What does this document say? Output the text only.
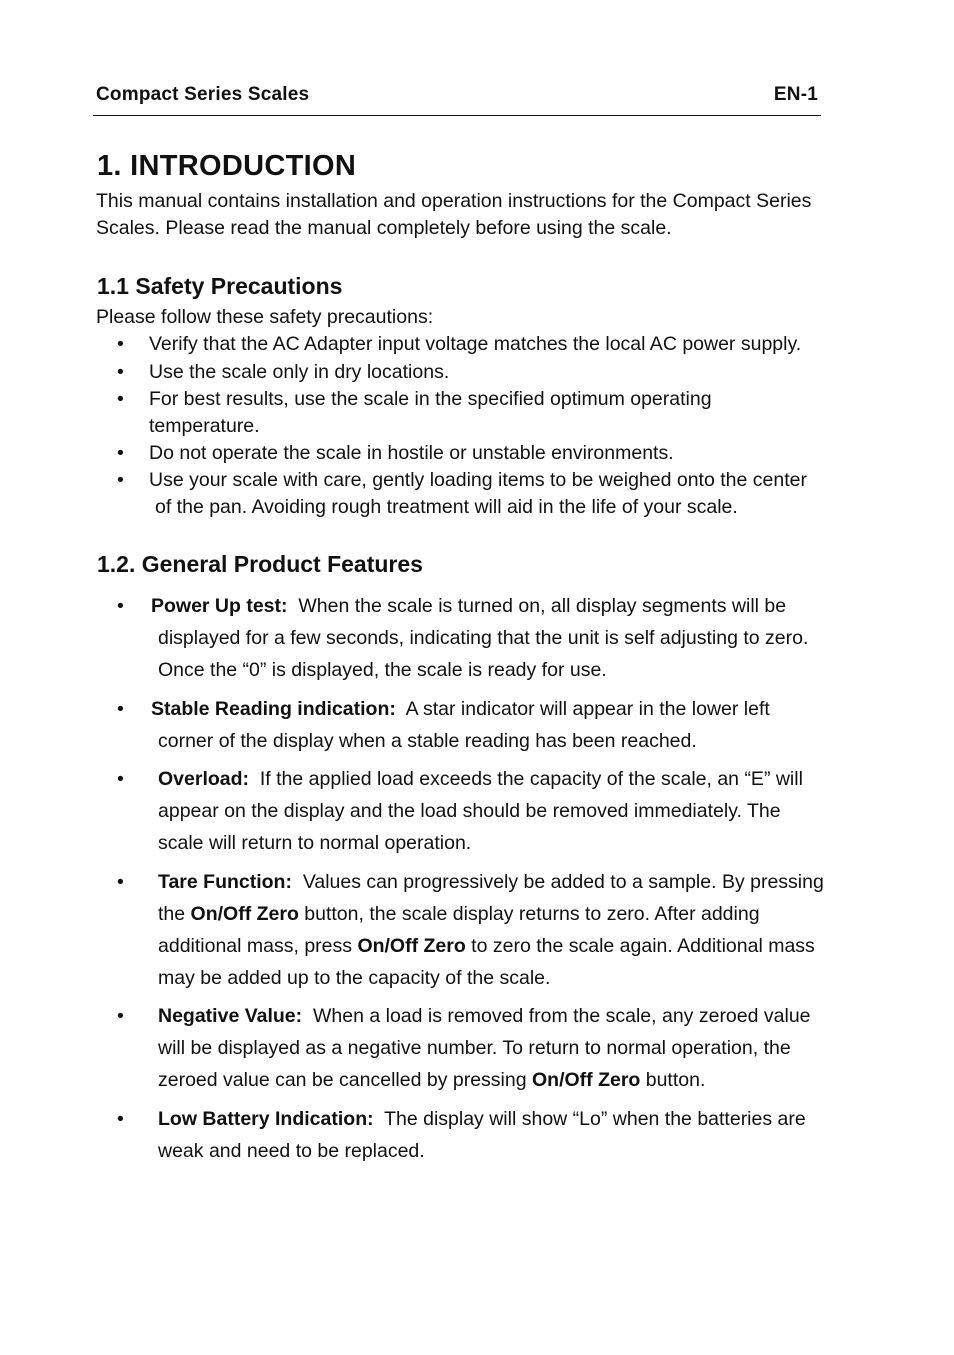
Compact Series Scales	EN-1
1. INTRODUCTION

This manual contains installation and operation instructions for the Compact Series
Scales. Please read the manual completely before using the scale.

1.1 Safety Precautions

Please follow these safety precautions:

• Verify that the AC Adapter input voltage matches the local AC power supply.
• Use the scale only in dry locations.
• For best results, use the scale in the specified optimum operating
temperature.
• Do not operate the scale in hostile or unstable environments.
• Use your scale with care, gently loading items to be weighed onto the center
of the pan. Avoiding rough treatment will aid in the life of your scale.
1.2. General Product Features
• Power Up test: When the scale is turned on, all display segments will be
displayed for a few seconds, indicating that the unit is self adjusting to zero.
Once the “0” is displayed, the scale is ready for use.
• Stable Reading indication: A star indicator will appear in the lower left
corner of the display when a stable reading has been reached.
• Overload: If the applied load exceeds the capacity of the scale, an “E” will
appear on the display and the load should be removed immediately. The
scale will return to normal operation.
• Tare Function: Values can progressively be added to a sample. By pressing
the On/Off Zero button, the scale display returns to zero. After adding
additional mass, press On/Off Zero to zero the scale again. Additional mass
may be added up to the capacity of the scale.
• Negative Value: When a load is removed from the scale, any zeroed value
will be displayed as a negative number. To return to normal operation, the
zeroed value can be cancelled by pressing On/Off Zero button.
• Low Battery Indication: The display will show “Lo” when the batteries are
weak and need to be replaced.
